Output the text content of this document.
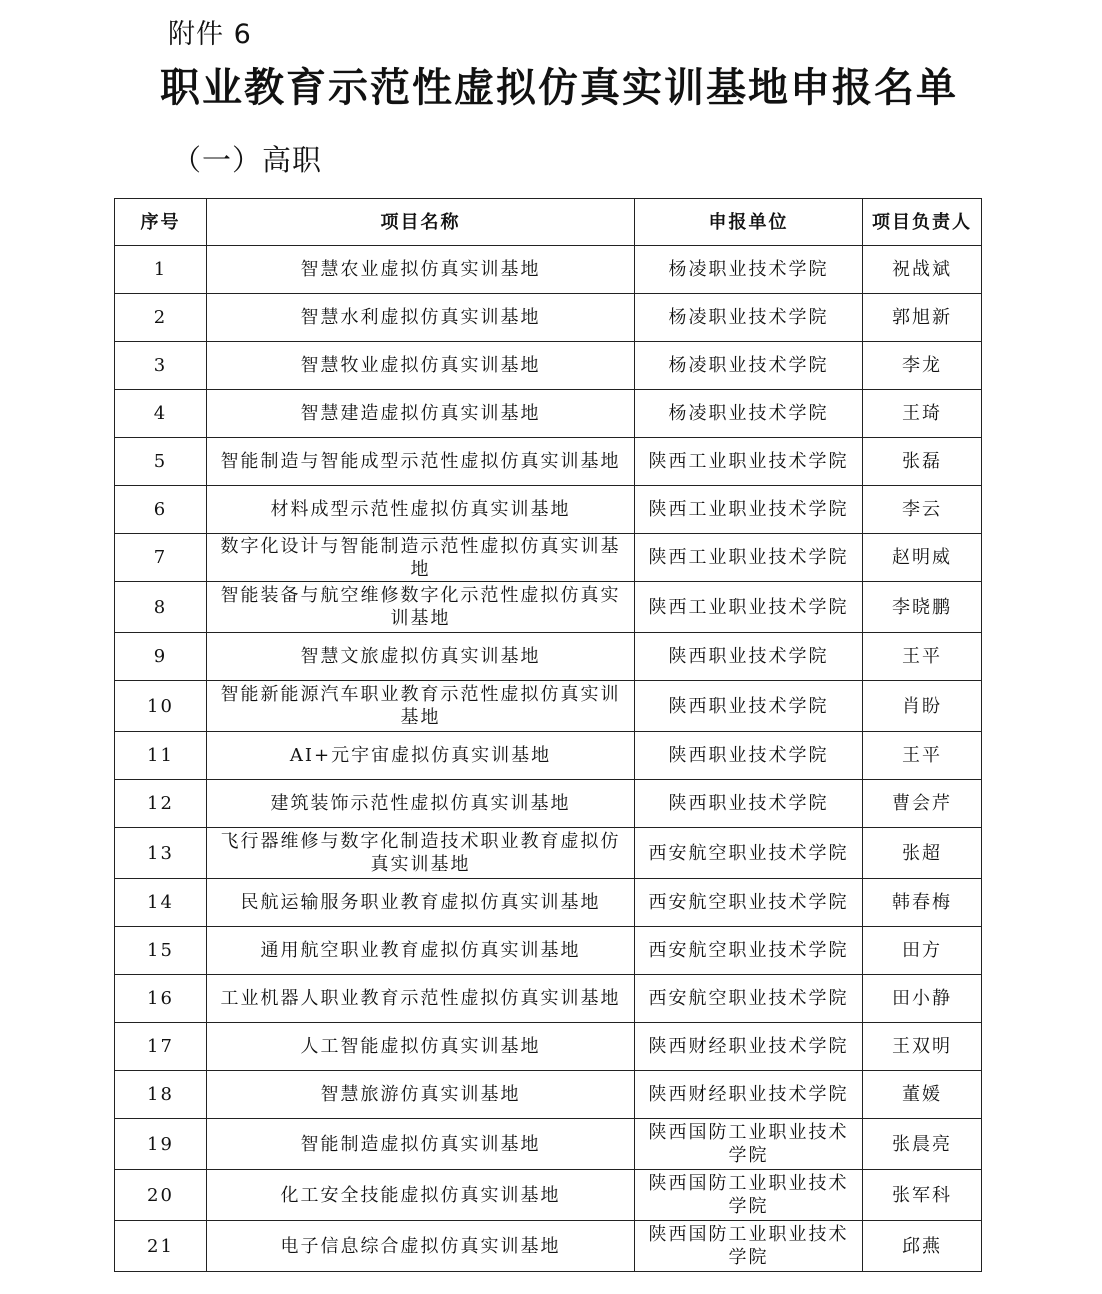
附件 6
职业教育示范性虚拟仿真实训基地申报名单
（一）高职
序号	项目名称	申报单位	项目负责人
1	智慧农业虚拟仿真实训基地	杨凌职业技术学院	祝战斌
2	智慧水利虚拟仿真实训基地	杨凌职业技术学院	郭旭新
3	智慧牧业虚拟仿真实训基地	杨凌职业技术学院	李龙
4	智慧建造虚拟仿真实训基地	杨凌职业技术学院	王琦
5	智能制造与智能成型示范性虚拟仿真实训基地	陕西工业职业技术学院	张磊
6	材料成型示范性虚拟仿真实训基地	陕西工业职业技术学院	李云
7	数字化设计与智能制造示范性虚拟仿真实训基地	陕西工业职业技术学院	赵明威
8	智能装备与航空维修数字化示范性虚拟仿真实训基地	陕西工业职业技术学院	李晓鹏
9	智慧文旅虚拟仿真实训基地	陕西职业技术学院	王平
10	智能新能源汽车职业教育示范性虚拟仿真实训基地	陕西职业技术学院	肖盼
11	AI+元宇宙虚拟仿真实训基地	陕西职业技术学院	王平
12	建筑装饰示范性虚拟仿真实训基地	陕西职业技术学院	曹会芹
13	飞行器维修与数字化制造技术职业教育虚拟仿真实训基地	西安航空职业技术学院	张超
14	民航运输服务职业教育虚拟仿真实训基地	西安航空职业技术学院	韩春梅
15	通用航空职业教育虚拟仿真实训基地	西安航空职业技术学院	田方
16	工业机器人职业教育示范性虚拟仿真实训基地	西安航空职业技术学院	田小静
17	人工智能虚拟仿真实训基地	陕西财经职业技术学院	王双明
18	智慧旅游仿真实训基地	陕西财经职业技术学院	董媛
19	智能制造虚拟仿真实训基地	陕西国防工业职业技术学院	张晨亮
20	化工安全技能虚拟仿真实训基地	陕西国防工业职业技术学院	张军科
21	电子信息综合虚拟仿真实训基地	陕西国防工业职业技术学院	邱燕
